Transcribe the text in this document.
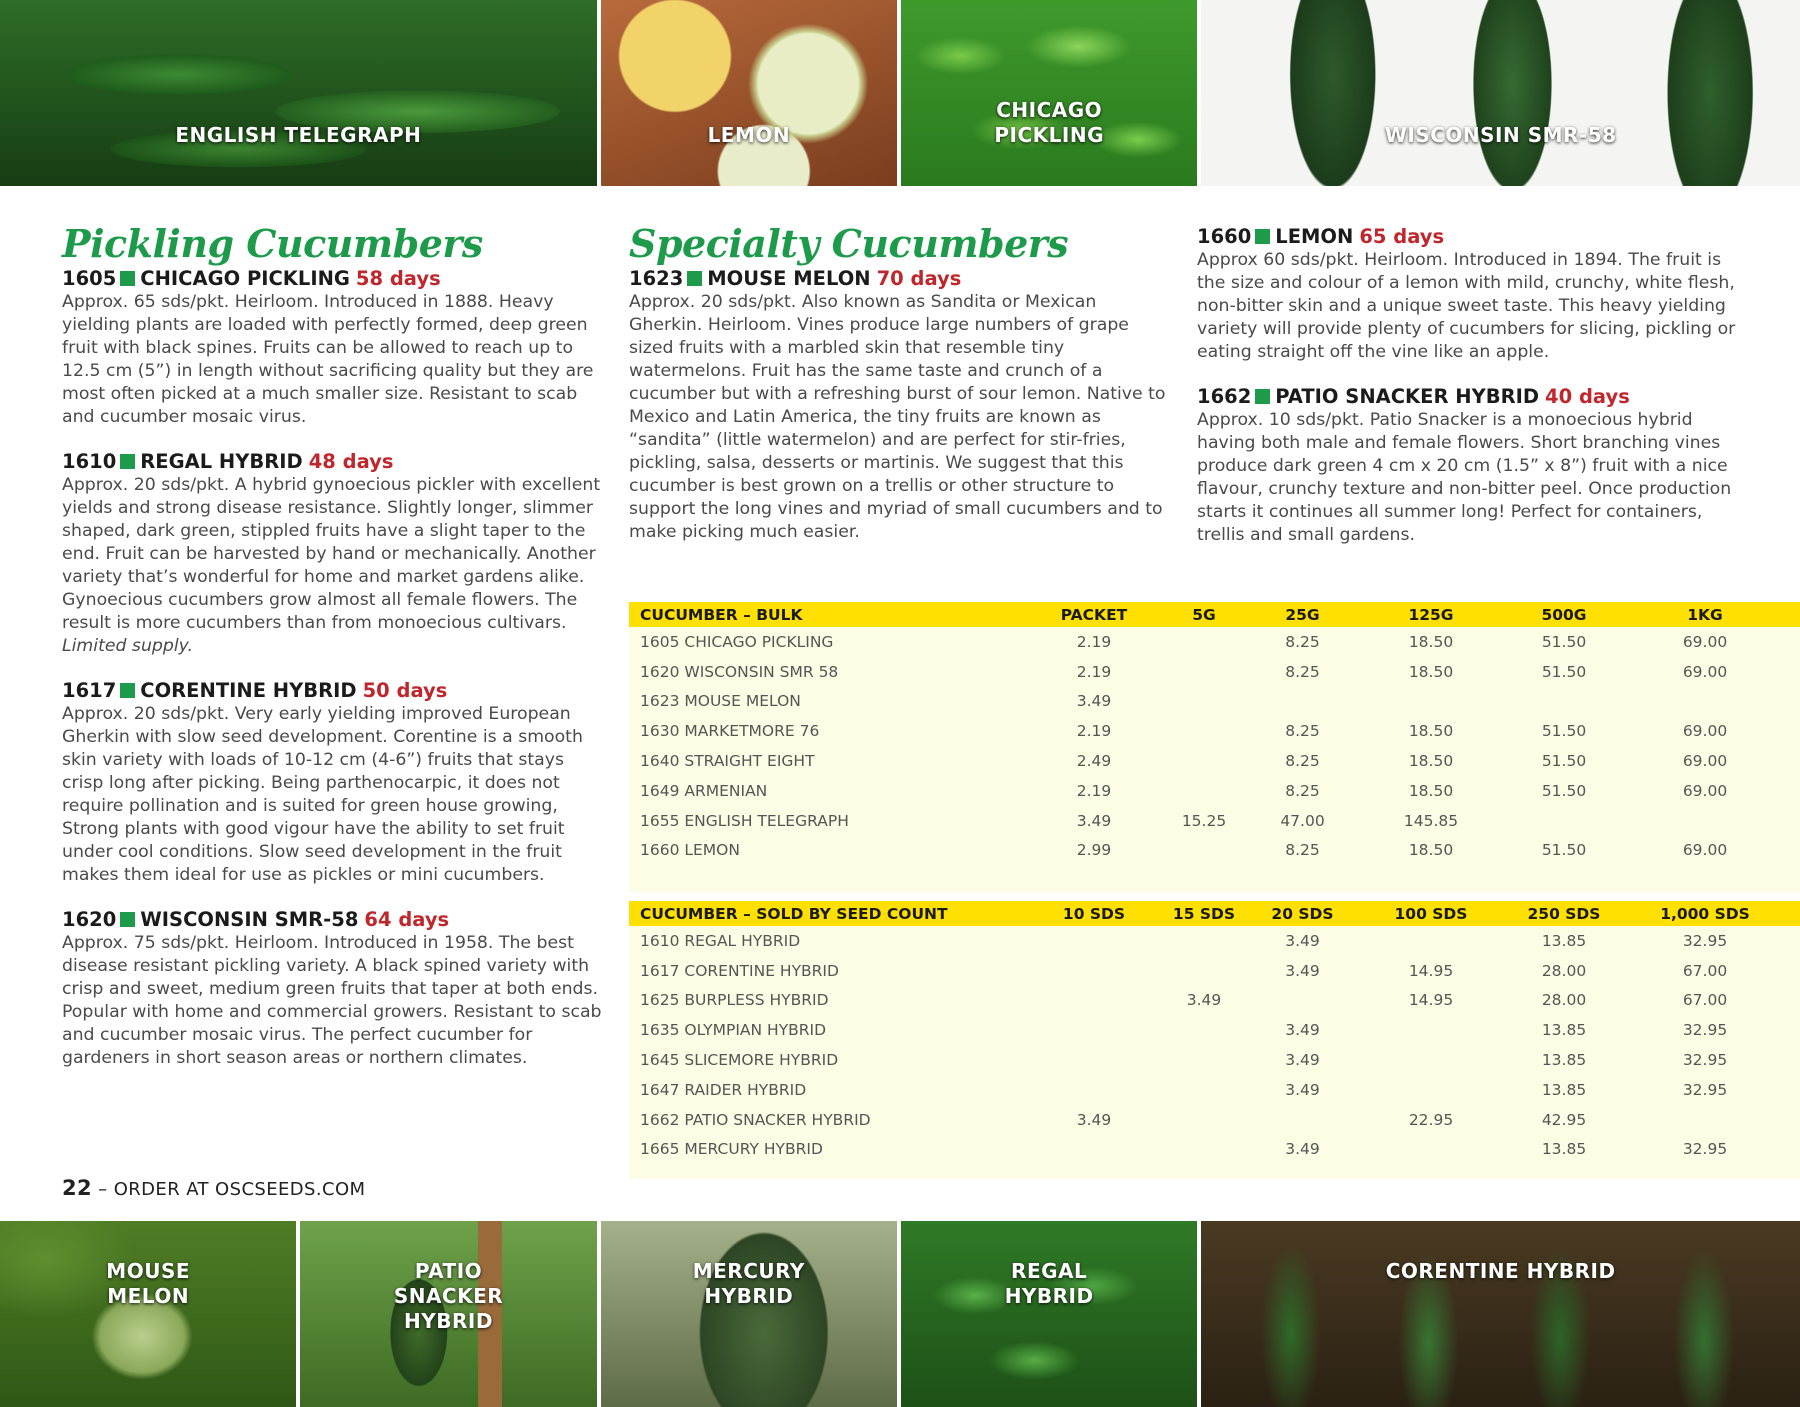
ENGLISH TELEGRAPH	LEMON
CHICAGO PICKLING	WISCONSIN SMR-58
Pickling Cucumbers
1605 CHICAGO PICKLING 58 days

Approx. 65 sds/pkt. Heirloom. Introduced in 1888. Heavy yielding plants are loaded with perfectly formed, deep green fruit with black spines. Fruits can be allowed to reach up to 12.5 cm (5”) in length without sacrificing quality but they are most often picked at a much smaller size. Resistant to scab and cucumber mosaic virus.

1610 REGAL HYBRID 48 days

Approx. 20 sds/pkt. A hybrid gynoecious pickler with excellent yields and strong disease resistance. Slightly longer, slimmer shaped, dark green, stippled fruits have a slight taper to the end. Fruit can be harvested by hand or mechanically. Another variety that’s wonderful for home and market gardens alike. Gynoecious cucumbers grow almost all female flowers. The result is more cucumbers than from monoecious cultivars. Limited supply.

1617 CORENTINE HYBRID 50 days

Approx. 20 sds/pkt. Very early yielding improved European Gherkin with slow seed development. Corentine is a smooth skin variety with loads of 10-12 cm (4-6”) fruits that stays crisp long after picking. Being parthenocarpic, it does not require pollination and is suited for green house growing, Strong plants with good vigour have the ability to set fruit under cool conditions. Slow seed development in the fruit makes them ideal for use as pickles or mini cucumbers.

1620 WISCONSIN SMR-58 64 days

Approx. 75 sds/pkt. Heirloom. Introduced in 1958. The best disease resistant pickling variety. A black spined variety with crisp and sweet, medium green fruits that taper at both ends. Popular with home and commercial growers. Resistant to scab and cucumber mosaic virus. The perfect cucumber for gardeners in short season areas or northern climates.

Specialty Cucumbers
1623 MOUSE MELON 70 days

Approx. 20 sds/pkt. Also known as Sandita or Mexican Gherkin. Heirloom. Vines produce large numbers of grape sized fruits with a marbled skin that resemble tiny watermelons. Fruit has the same taste and crunch of a cucumber but with a refreshing burst of sour lemon. Native to Mexico and Latin America, the tiny fruits are known as “sandita” (little watermelon) and are perfect for stir-fries, pickling, salsa, desserts or martinis. We suggest that this cucumber is best grown on a trellis or other structure to support the long vines and myriad of small cucumbers and to make picking much easier.

1660 LEMON 65 days

Approx 60 sds/pkt. Heirloom. Introduced in 1894. The fruit is the size and colour of a lemon with mild, crunchy, white flesh, non-bitter skin and a unique sweet taste. This heavy yielding variety will provide plenty of cucumbers for slicing, pickling or eating straight off the vine like an apple.

1662 PATIO SNACKER HYBRID 40 days

Approx. 10 sds/pkt. Patio Snacker is a monoecious hybrid having both male and female flowers. Short branching vines produce dark green 4 cm x 20 cm (1.5” x 8”) fruit with a nice flavour, crunchy texture and non-bitter peel. Once production starts it continues all summer long! Perfect for containers, trellis and small gardens.

CUCUMBER – BULK	PACKET	5G	25G	125G	500G	1KG
1605 CHICAGO PICKLING	2.19		8.25	18.50	51.50	69.00
1620 WISCONSIN SMR 58	2.19		8.25	18.50	51.50	69.00
1623 MOUSE MELON	3.49					
1630 MARKETMORE 76	2.19		8.25	18.50	51.50	69.00
1640 STRAIGHT EIGHT	2.49		8.25	18.50	51.50	69.00
1649 ARMENIAN	2.19		8.25	18.50	51.50	69.00
1655 ENGLISH TELEGRAPH	3.49	15.25	47.00	145.85		
1660 LEMON	2.99		8.25	18.50	51.50	69.00
CUCUMBER – SOLD BY SEED COUNT	10 SDS	15 SDS	20 SDS	100 SDS	250 SDS	1,000 SDS
1610 REGAL HYBRID			3.49		13.85	32.95
1617 CORENTINE HYBRID			3.49	14.95	28.00	67.00
1625 BURPLESS HYBRID		3.49		14.95	28.00	67.00
1635 OLYMPIAN HYBRID			3.49		13.85	32.95
1645 SLICEMORE HYBRID			3.49		13.85	32.95
1647 RAIDER HYBRID			3.49		13.85	32.95
1662 PATIO SNACKER HYBRID	3.49			22.95	42.95	
1665 MERCURY HYBRID			3.49		13.85	32.95
22 – ORDER AT OSCSEEDS.COM
MOUSE MELON
PATIO SNACKER HYBRID
MERCURY HYBRID
REGAL HYBRID
CORENTINE HYBRID
